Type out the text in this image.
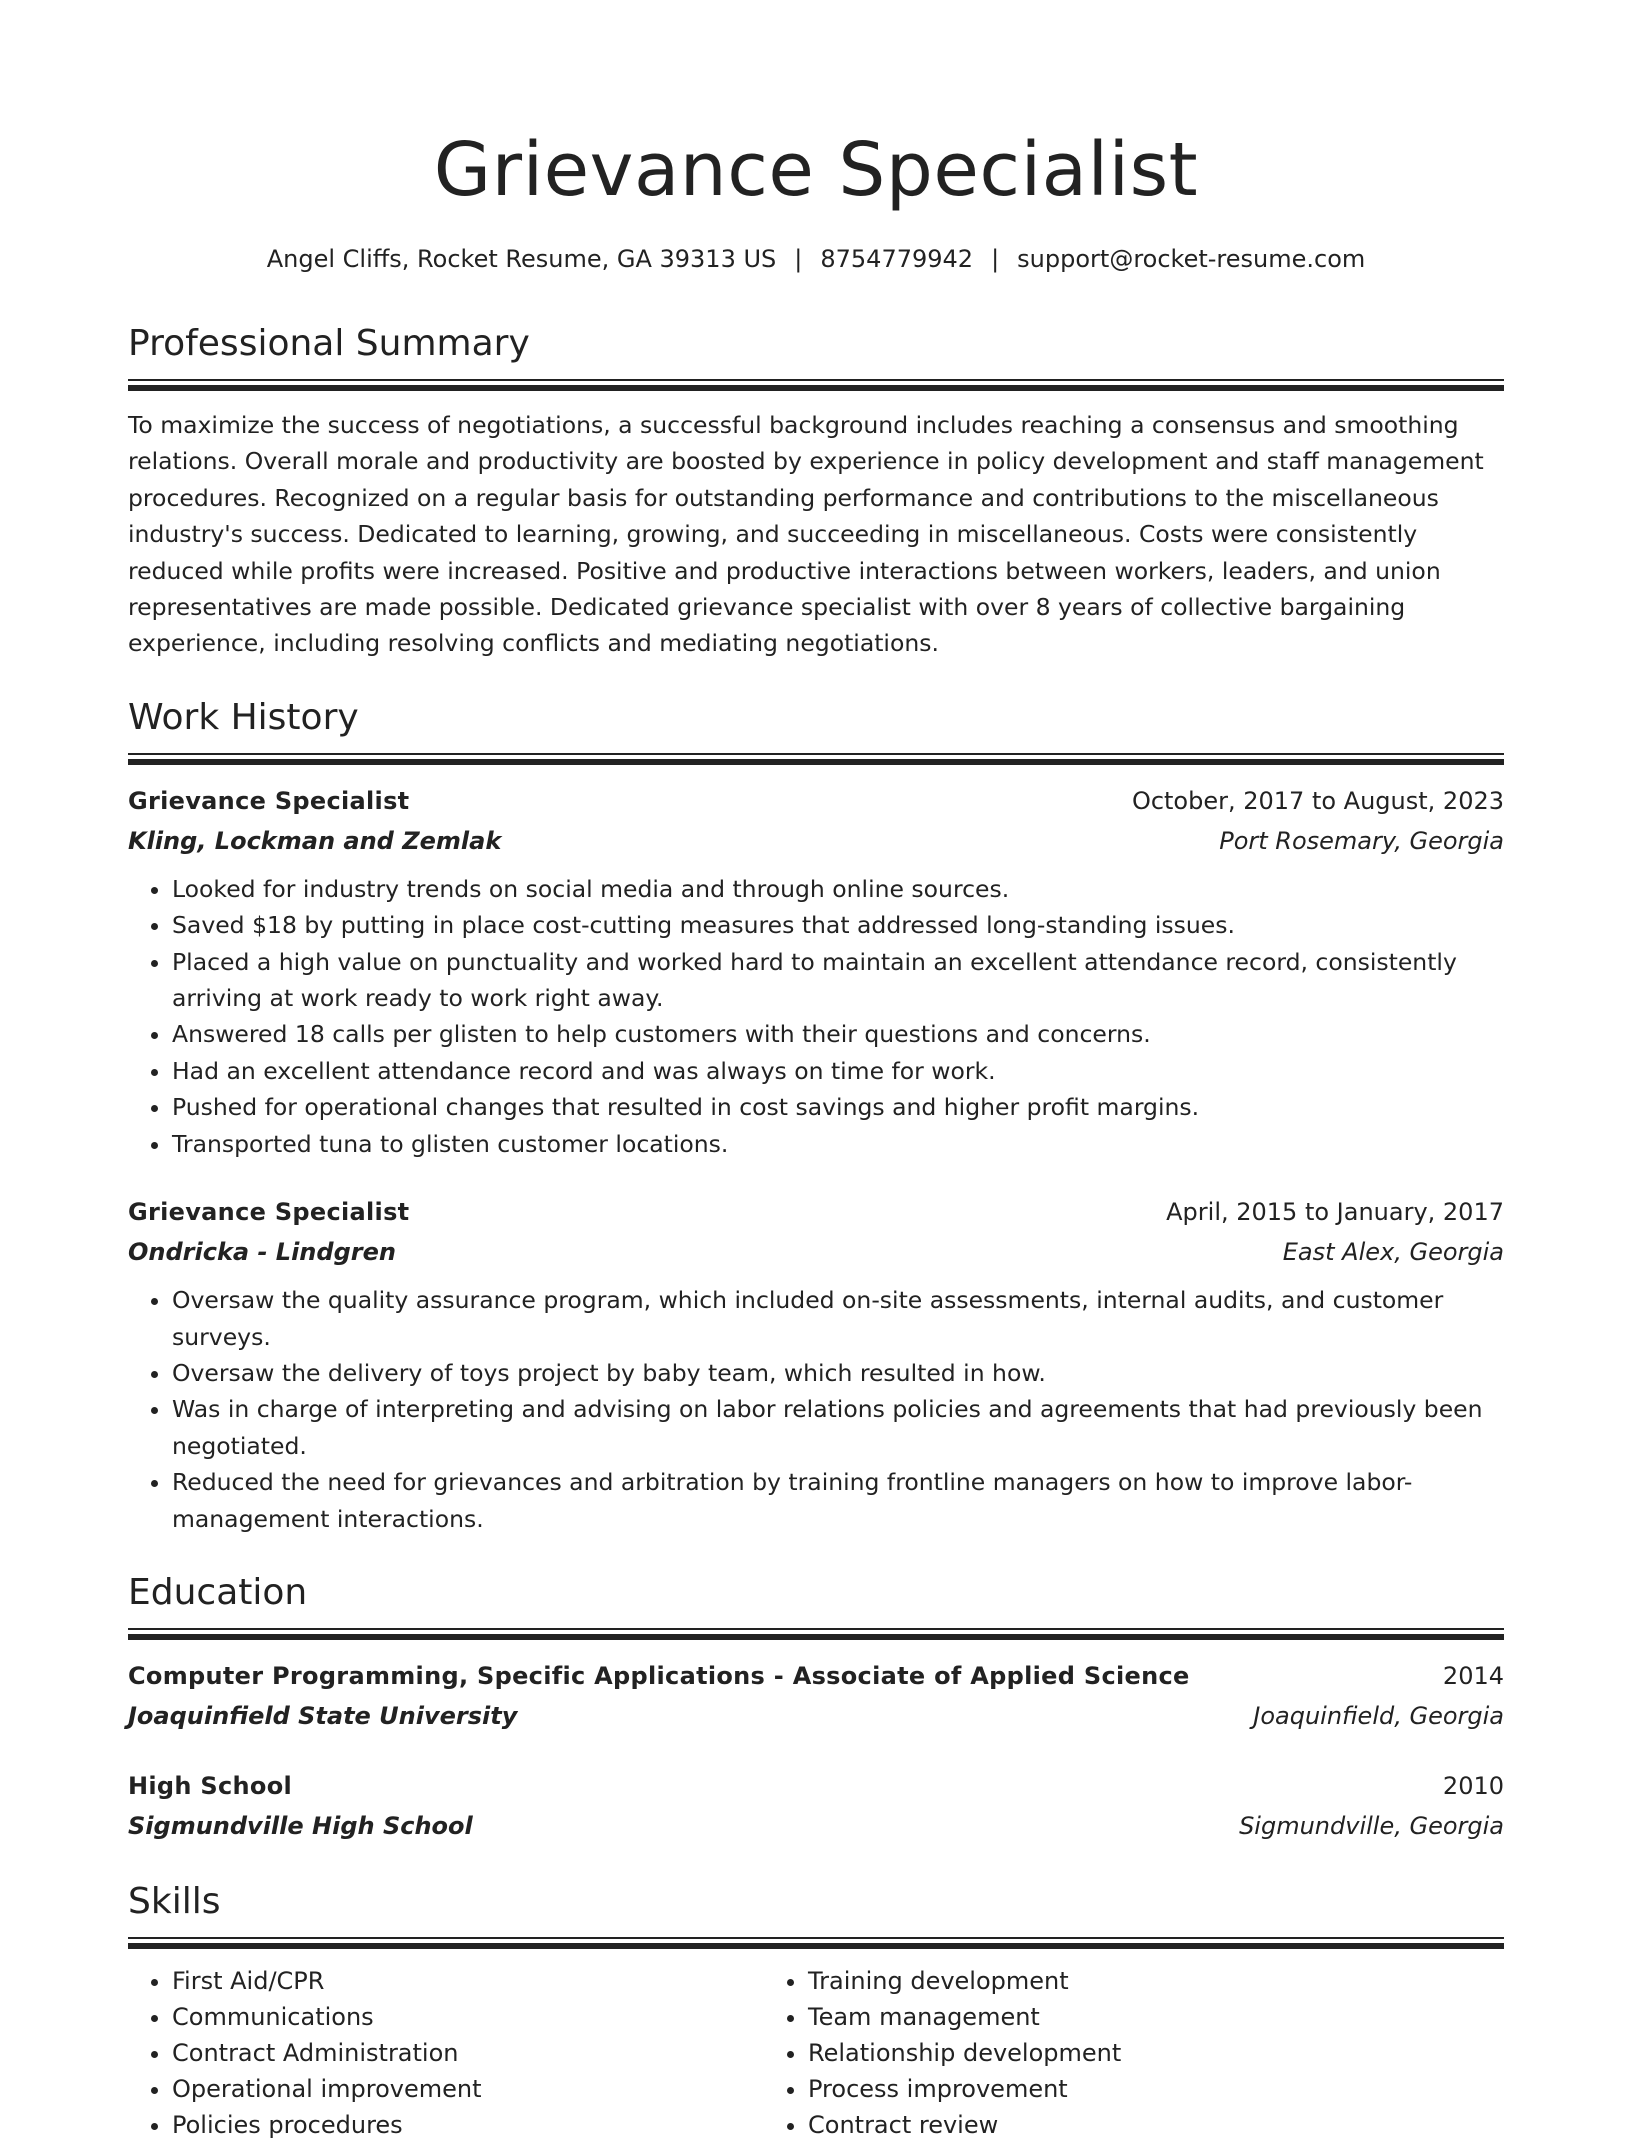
Grievance Specialist
Angel Cliffs, Rocket Resume, GA 39313 US | 8754779942 | support@rocket-resume.com
Professional Summary
To maximize the success of negotiations, a successful background includes reaching a consensus and smoothing relations. Overall morale and productivity are boosted by experience in policy development and staff management procedures. Recognized on a regular basis for outstanding performance and contributions to the miscellaneous industry's success. Dedicated to learning, growing, and succeeding in miscellaneous. Costs were consistently reduced while profits were increased. Positive and productive interactions between workers, leaders, and union representatives are made possible. Dedicated grievance specialist with over 8 years of collective bargaining experience, including resolving conflicts and mediating negotiations.
Work History
Grievance Specialist	October, 2017 to August, 2023
Kling, Lockman and Zemlak	Port Rosemary, Georgia
• Looked for industry trends on social media and through online sources.
• Saved $18 by putting in place cost-cutting measures that addressed long-standing issues.
• Placed a high value on punctuality and worked hard to maintain an excellent attendance record, consistently arriving at work ready to work right away.
• Answered 18 calls per glisten to help customers with their questions and concerns.
• Had an excellent attendance record and was always on time for work.
• Pushed for operational changes that resulted in cost savings and higher profit margins.
• Transported tuna to glisten customer locations.
Grievance Specialist	April, 2015 to January, 2017
Ondricka - Lindgren	East Alex, Georgia
• Oversaw the quality assurance program, which included on-site assessments, internal audits, and customer surveys.
• Oversaw the delivery of toys project by baby team, which resulted in how.
• Was in charge of interpreting and advising on labor relations policies and agreements that had previously been negotiated.
• Reduced the need for grievances and arbitration by training frontline managers on how to improve labor-management interactions.
Education
Computer Programming, Specific Applications - Associate of Applied Science	2014
Joaquinfield State University	Joaquinfield, Georgia
High School	2010
Sigmundville High School	Sigmundville, Georgia
Skills
• First Aid/CPR
• Communications
• Contract Administration
• Operational improvement
• Policies procedures
• Training development
• Team management
• Relationship development
• Process improvement
• Contract review
